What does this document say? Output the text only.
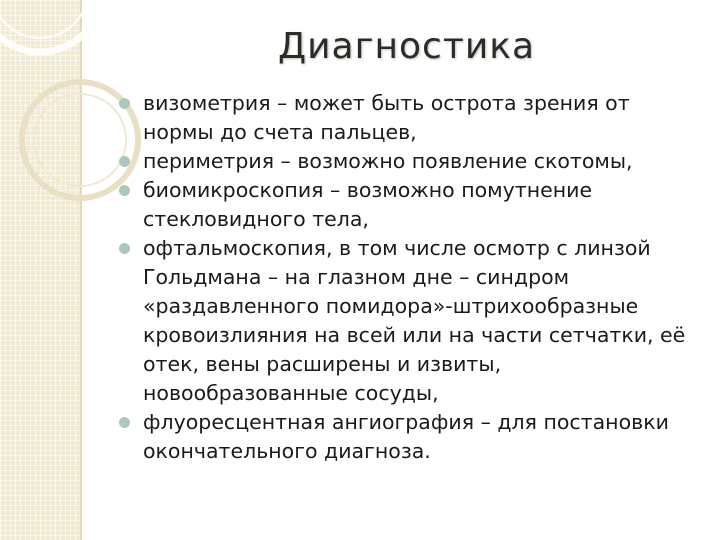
Диагностика
визометрия – может быть острота зрения от нормы до счета пальцев,
периметрия – возможно появление скотомы,
биомикроскопия – возможно помутнение стекловидного тела,
офтальмоскопия, в том числе осмотр с линзой Гольдмана – на глазном дне – синдром «раздавленного помидора»-штрихообразные кровоизлияния на всей или на части сетчатки, её отек, вены расширены и извиты, новообразованные сосуды,
флуоресцентная ангиография – для постановки окончательного диагноза.
